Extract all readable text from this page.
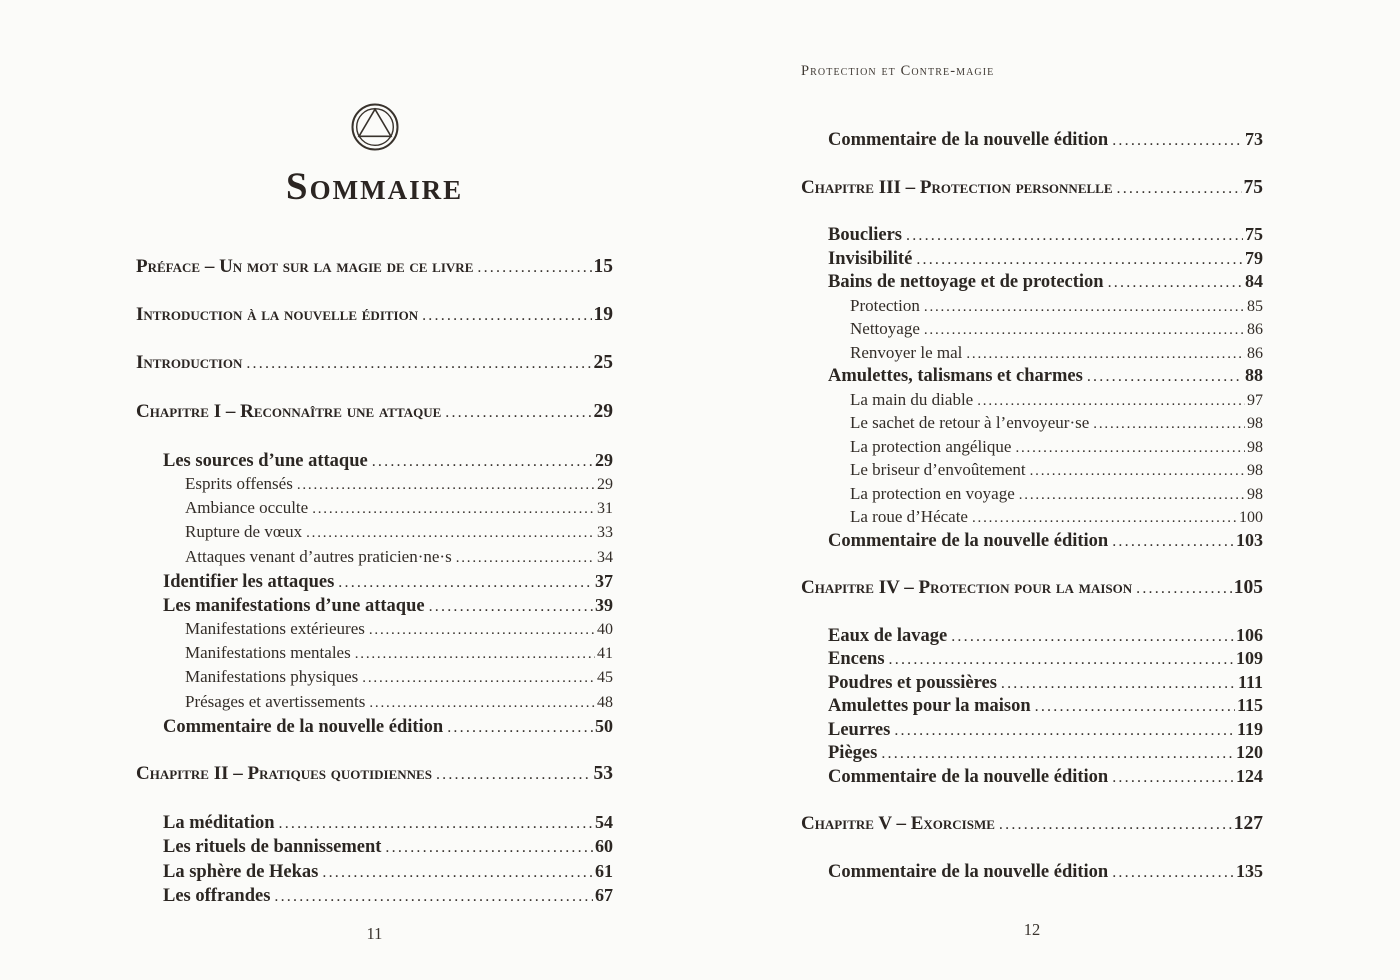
Sommaire
Préface – Un mot sur la magie de ce livre .....	15
Introduction à la nouvelle édition .....	19
Introduction .....	25
Chapitre I – Reconnaître une attaque .....	29
Les sources d’une attaque .....	29
Esprits offensés .....	29
Ambiance occulte .....	31
Rupture de vœux .....	33
Attaques venant d’autres praticien·ne·s .....	34
Identifier les attaques .....	37
Les manifestations d’une attaque .....	39
Manifestations extérieures .....	40
Manifestations mentales .....	41
Manifestations physiques .....	45
Présages et avertissements .....	48
Commentaire de la nouvelle édition .....	50
Chapitre II – Pratiques quotidiennes .....	53
La méditation .....	54
Les rituels de bannissement .....	60
La sphère de Hekas .....	61
Les offrandes .....	67
11
Protection et Contre-magie
Commentaire de la nouvelle édition .....	73
Chapitre III – Protection personnelle .....	75
Boucliers .....	75
Invisibilité .....	79
Bains de nettoyage et de protection .....	84
Protection .....	85
Nettoyage .....	86
Renvoyer le mal .....	86
Amulettes, talismans et charmes .....	88
La main du diable .....	97
Le sachet de retour à l’envoyeur·se .....	98
La protection angélique .....	98
Le briseur d’envoûtement .....	98
La protection en voyage .....	98
La roue d’Hécate .....	100
Commentaire de la nouvelle édition .....	103
Chapitre IV – Protection pour la maison .....	105
Eaux de lavage .....	106
Encens .....	109
Poudres et poussières .....	111
Amulettes pour la maison .....	115
Leurres .....	119
Pièges .....	120
Commentaire de la nouvelle édition .....	124
Chapitre V – Exorcisme .....	127
Commentaire de la nouvelle édition .....	135
12
